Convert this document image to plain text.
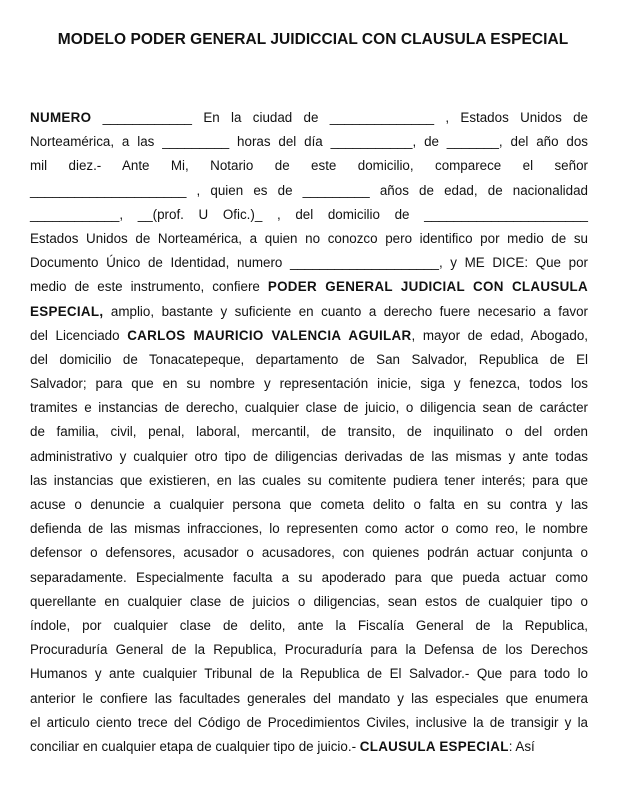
MODELO PODER GENERAL JUIDICCIAL CON CLAUSULA ESPECIAL
NUMERO ____________ En la ciudad de ______________ , Estados Unidos de
Norteamérica, a las _________ horas del día ___________, de _______, del año dos
mil diez.- Ante Mi, Notario de este domicilio, comparece el señor
_____________________ , quien es de _________ años de edad, de nacionalidad
____________, __(prof. U Ofic.)_ , del domicilio de ______________________
Estados Unidos de Norteamérica, a quien no conozco pero identifico por medio de su
Documento Único de Identidad, numero ____________________, y ME DICE: Que por
medio de este instrumento, confiere PODER GENERAL JUDICIAL CON CLAUSULA
ESPECIAL, amplio, bastante y suficiente en cuanto a derecho fuere necesario a favor
del Licenciado CARLOS MAURICIO VALENCIA AGUILAR, mayor de edad, Abogado,
del domicilio de Tonacatepeque, departamento de San Salvador, Republica de El
Salvador; para que en su nombre y representación inicie, siga y fenezca, todos los
tramites e instancias de derecho, cualquier clase de juicio, o diligencia sean de carácter
de familia, civil, penal, laboral, mercantil, de transito, de inquilinato o del orden
administrativo y cualquier otro tipo de diligencias derivadas de las mismas y ante todas
las instancias que existieren, en las cuales su comitente pudiera tener interés; para que
acuse o denuncie a cualquier persona que cometa delito o falta en su contra y las
defienda de las mismas infracciones, lo representen como actor o como reo, le nombre
defensor o defensores, acusador o acusadores, con quienes podrán actuar conjunta o
separadamente. Especialmente faculta a su apoderado para que pueda actuar como
querellante en cualquier clase de juicios o diligencias, sean estos de cualquier tipo o
índole, por cualquier clase de delito, ante la Fiscalía General de la Republica,
Procuraduría General de la Republica, Procuraduría para la Defensa de los Derechos
Humanos y ante cualquier Tribunal de la Republica de El Salvador.- Que para todo lo
anterior le confiere las facultades generales del mandato y las especiales que enumera
el articulo ciento trece del Código de Procedimientos Civiles, inclusive la de transigir y la
conciliar en cualquier etapa de cualquier tipo de juicio.- CLAUSULA ESPECIAL: Así
